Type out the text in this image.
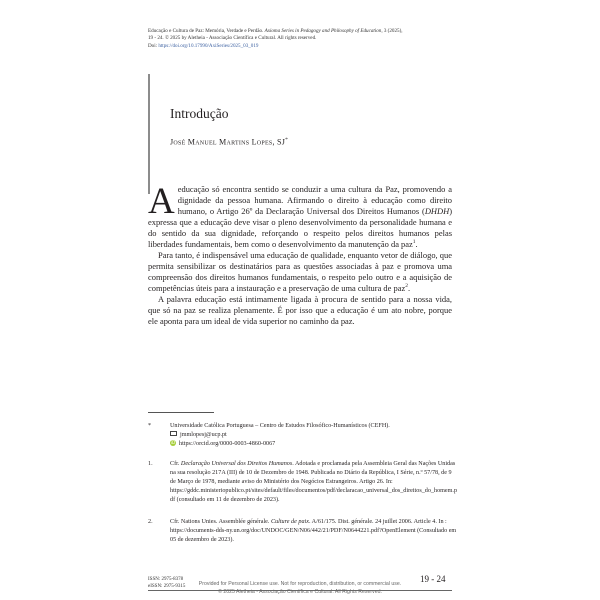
Educação e Cultura de Paz: Memória, Verdade e Perdão. Axioma Series in Pedagogy and Philosophy of Education, 3 (2025),
19 - 24. © 2025 by Aletheia - Associação Científica e Cultural. All rights reserved.
Doi: https://doi.org/10.17990/AxiSeries/2025_03_019
Introdução
José Manuel Martins Lopes, SJ*

Aeducação só encontra sentido se conduzir a uma cultura da Paz, promovendo a dignidade da pessoa humana. Afirmando o direito à educação como direito humano, o Artigo 26º da Declaração Universal dos Direitos Humanos (DHDH) expressa que a educação deve visar o pleno desenvolvimento da personalidade humana e do sentido da sua dignidade, reforçando o respeito pelos direitos humanos pelas liberdades fundamentais, bem como o desenvolvimento da manutenção da paz$^1$.

Para tanto, é indispensável uma educação de qualidade, enquanto vetor de diálogo, que permita sensibilizar os destinatários para as questões associadas à paz e promova uma compreensão dos direitos humanos fundamentais, o respeito pelo outro e a aquisição de competências úteis para a instauração e a preservação de uma cultura de paz$^2$.

A palavra educação está intimamente ligada à procura de sentido para a nossa vida, que só na paz se realiza plenamente. É por isso que a educação é um ato nobre, porque ele aponta para um ideal de vida superior no caminho da paz.

*	Universidade Católica Portuguesa – Centro de Estudos Filosófico-Humanísticos (CEFH).
jmmlopesj@ucp.pt
iD https://orcid.org/0000-0003-4860-0067
1.	Cfr. Declaração Universal dos Direitos Humanos. Adotada e proclamada pela Assembleia Geral das Nações Unidas na sua resolução 217A (III) de 10 de Dezembro de 1948. Publicada no Diário da República, I Série, n.º 57/78, de 9 de Março de 1978, mediante aviso do Ministério dos Negócios Estrangeiros. Artigo 26. In: https://gddc.ministeriopublico.pt/sites/default/files/documentos/pdf/declaracao_universal_dos_direitos_do_homem.pdf (consultado em 11 de dezembro de 2023).
2.	Cfr. Nations Unies. Assemblée générale. Culture de paix. A/61/175. Dist. générale. 24 juillet 2006. Article 4. In : https://documents-dds-ny.un.org/doc/UNDOC/GEN/N06/442/21/PDF/N0644221.pdf?OpenElement (Consultado em 05 de dezembro de 2023).
ISSN: 2975-8378
eISSN: 2975-9315
19 - 24
Provided for Personal License use. Not for reproduction, distribution, or commercial use.
© 2025 Aletheia - Associação Científica e Cultural. All Rights Reserved.
